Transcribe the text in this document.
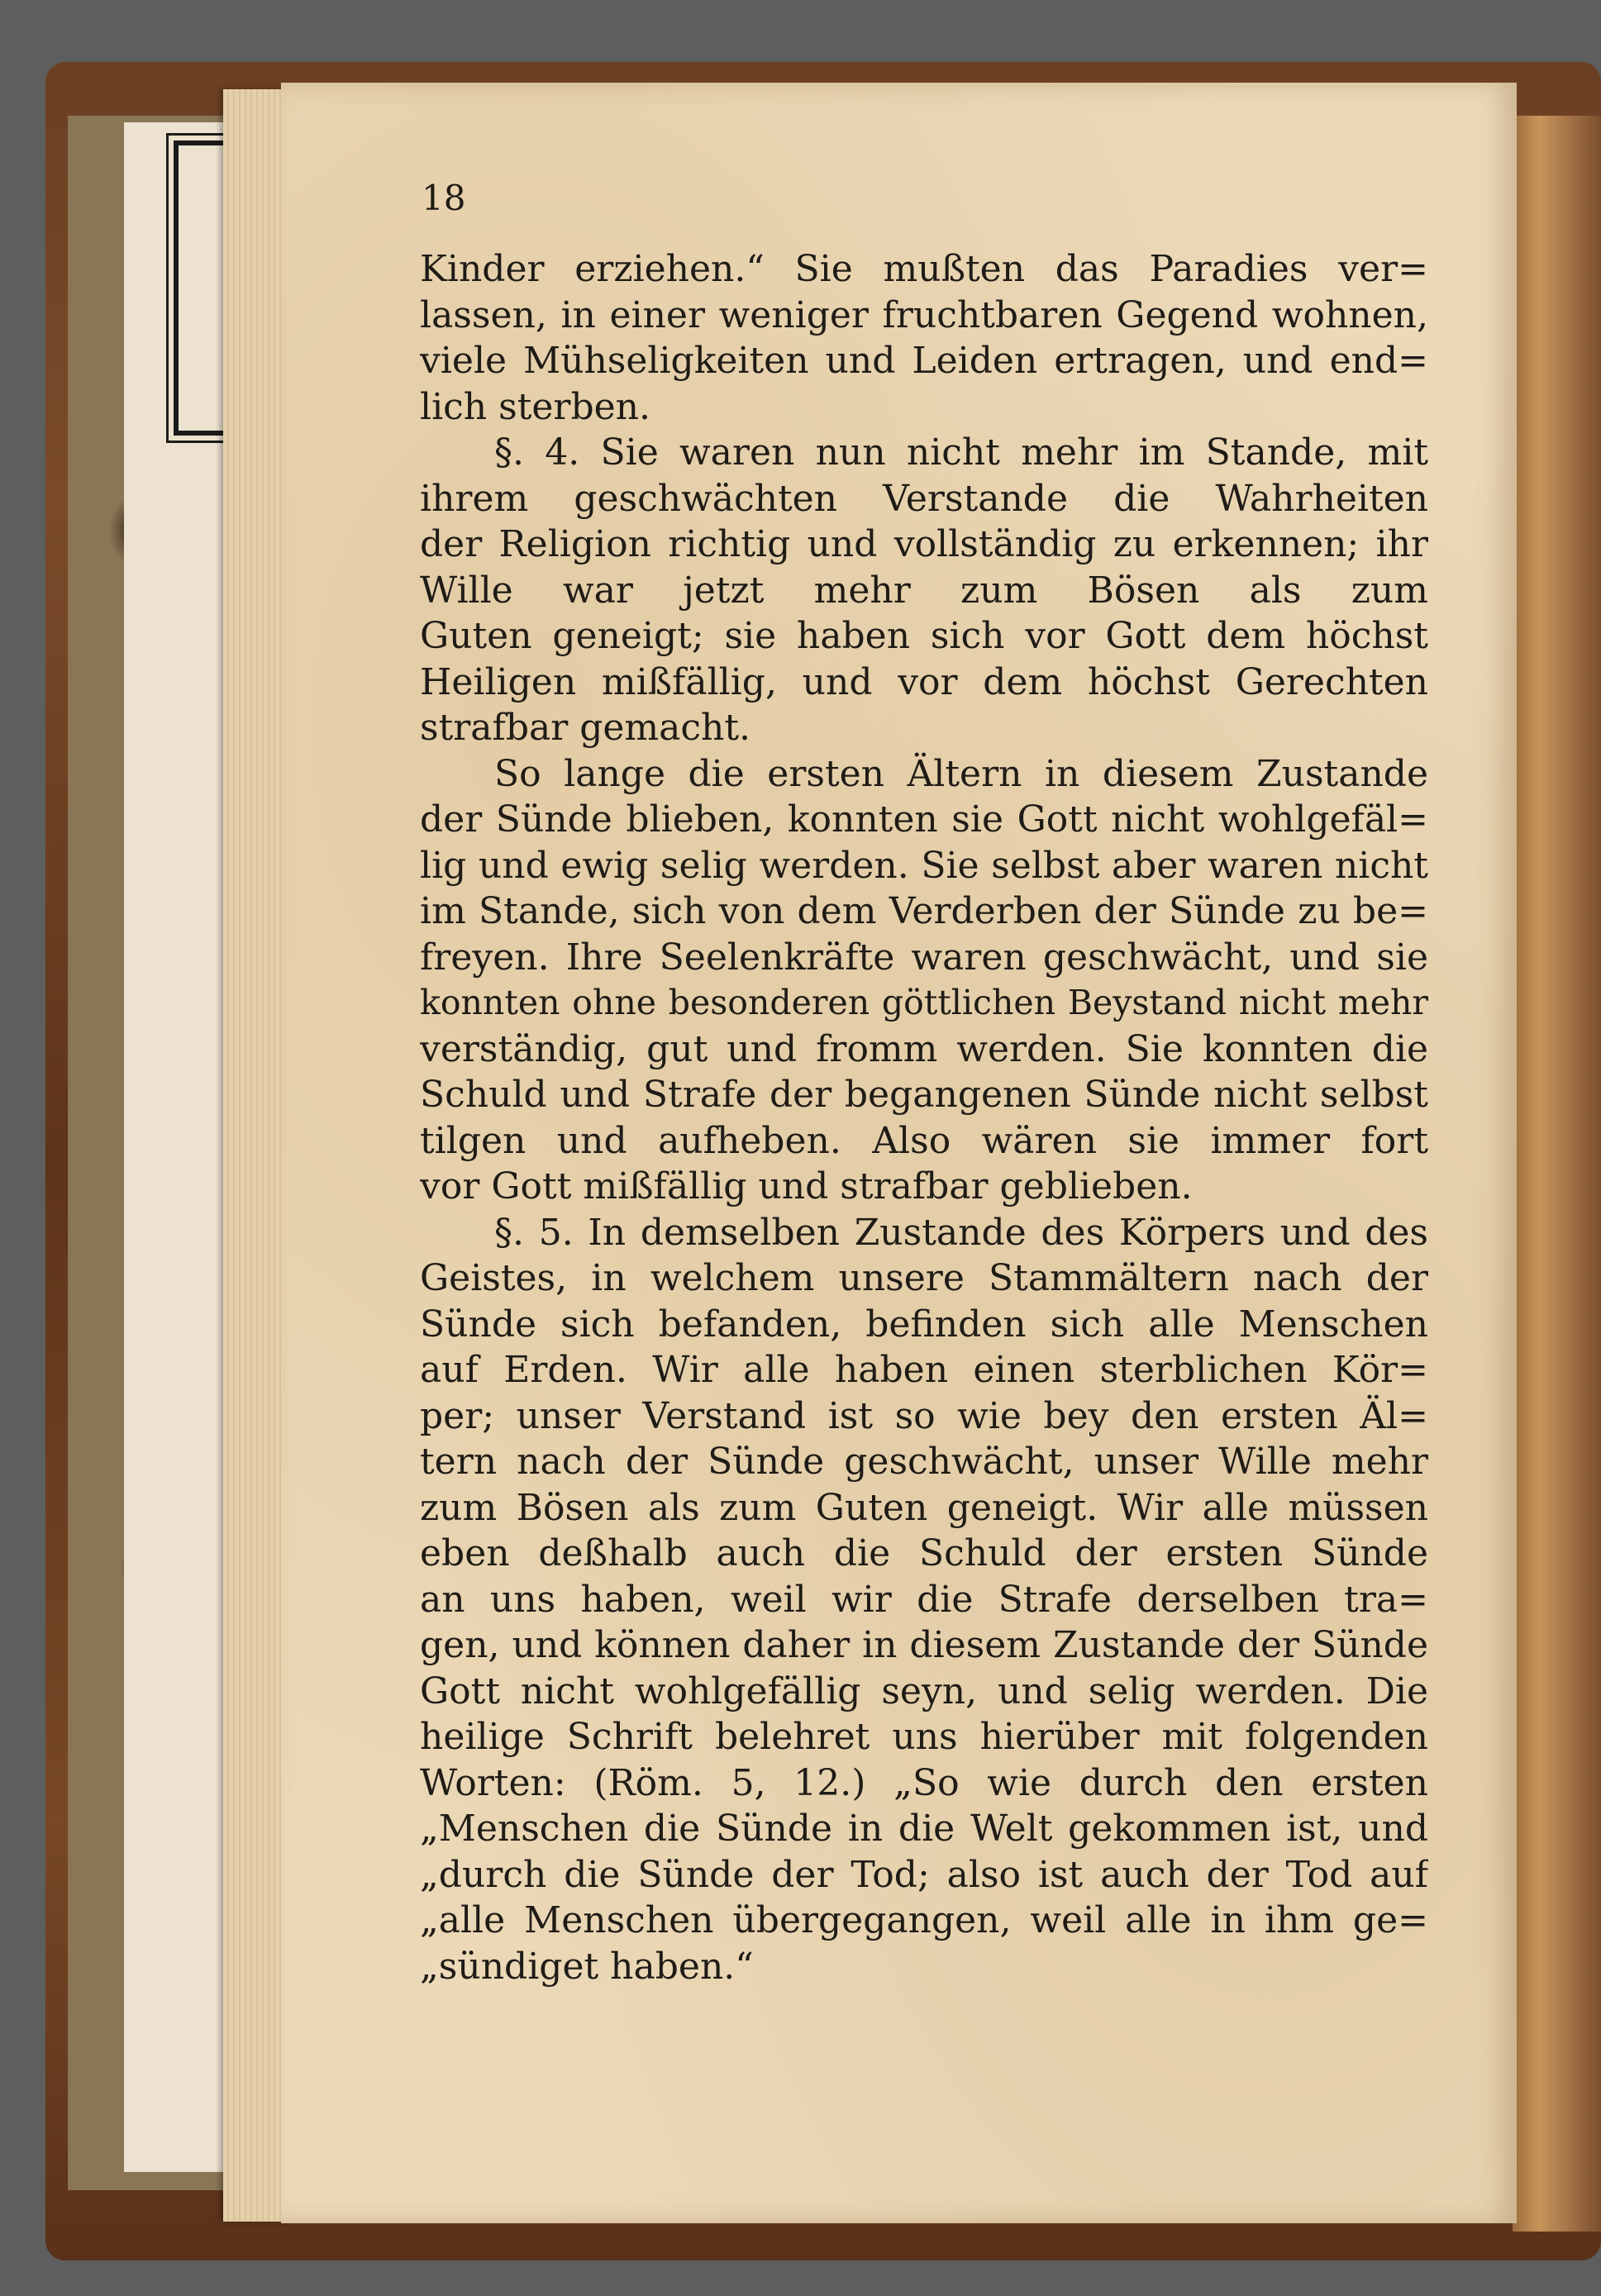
18
Kinder erziehen.“ Sie mußten das Paradies ver=
lassen, in einer weniger fruchtbaren Gegend wohnen,
viele Mühseligkeiten und Leiden ertragen, und end=
lich sterben.
§. 4. Sie waren nun nicht mehr im Stande, mit
ihrem geschwächten Verstande die Wahrheiten
der Religion richtig und vollständig zu erkennen; ihr
Wille war jetzt mehr zum Bösen als zum
Guten geneigt; sie haben sich vor Gott dem höchst
Heiligen mißfällig, und vor dem höchst Gerechten
strafbar gemacht.
So lange die ersten Ältern in diesem Zustande
der Sünde blieben, konnten sie Gott nicht wohlgefäl=
lig und ewig selig werden. Sie selbst aber waren nicht
im Stande, sich von dem Verderben der Sünde zu be=
freyen. Ihre Seelenkräfte waren geschwächt, und sie
konnten ohne besonderen göttlichen Beystand nicht mehr
verständig, gut und fromm werden. Sie konnten die
Schuld und Strafe der begangenen Sünde nicht selbst
tilgen und aufheben. Also wären sie immer fort
vor Gott mißfällig und strafbar geblieben.
§. 5. In demselben Zustande des Körpers und des
Geistes, in welchem unsere Stammältern nach der
Sünde sich befanden, befinden sich alle Menschen
auf Erden. Wir alle haben einen sterblichen Kör=
per; unser Verstand ist so wie bey den ersten Äl=
tern nach der Sünde geschwächt, unser Wille mehr
zum Bösen als zum Guten geneigt. Wir alle müssen
eben deßhalb auch die Schuld der ersten Sünde
an uns haben, weil wir die Strafe derselben tra=
gen, und können daher in diesem Zustande der Sünde
Gott nicht wohlgefällig seyn, und selig werden. Die
heilige Schrift belehret uns hierüber mit folgenden
Worten: (Röm. 5, 12.) „So wie durch den ersten
„Menschen die Sünde in die Welt gekommen ist, und
„durch die Sünde der Tod; also ist auch der Tod auf
„alle Menschen übergegangen, weil alle in ihm ge=
„sündiget haben.“
